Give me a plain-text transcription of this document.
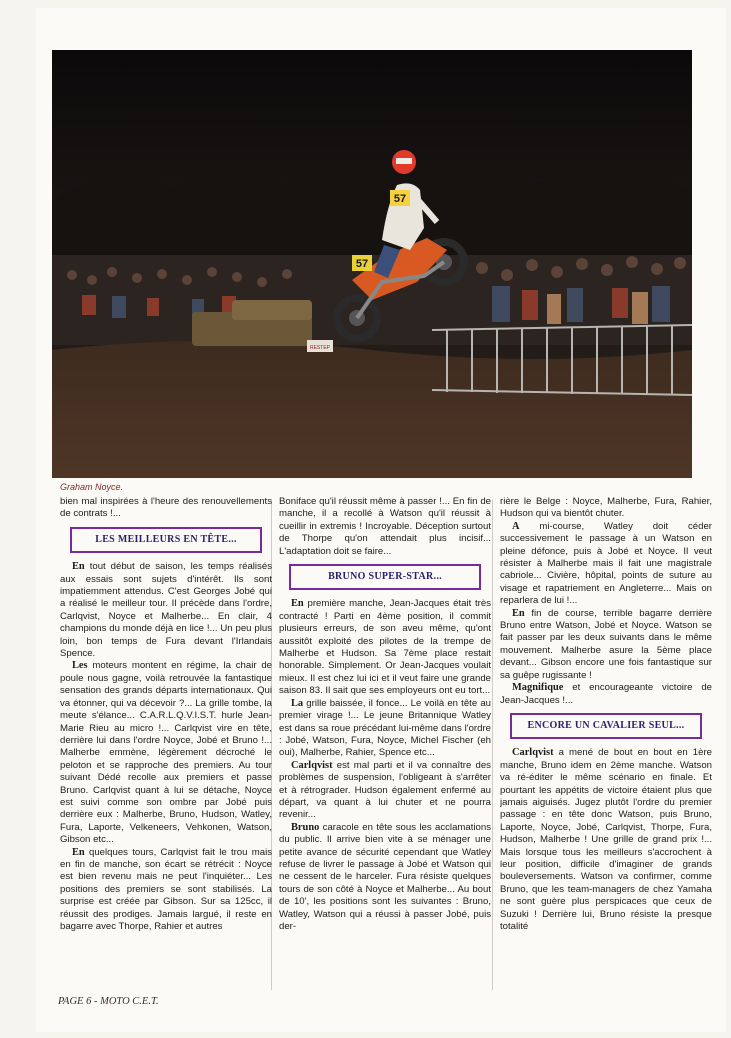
RESTEP
57
57
Graham Noyce.

bien mal inspirées à l'heure des renouvellements de contrats !...

LES MEILLEURS EN TÊTE...

En tout début de saison, les temps réalisés aux essais sont sujets d'intérêt. Ils sont impatiemment attendus. C'est Georges Jobé qui a réalisé le meilleur tour. Il précède dans l'ordre, Carlqvist, Noyce et Malherbe... En clair, 4 champions du monde déjà en lice !... Un peu plus loin, bon temps de Fura devant l'Irlandais Spence.

Les moteurs montent en régime, la chair de poule nous gagne, voilà retrouvée la fantastique sensation des grands départs internationaux. Qui va étonner, qui va décevoir ?... La grille tombe, la meute s'élance... C.A.R.L.Q.V.I.S.T. hurle Jean-Marie Rieu au micro !... Carlqvist vire en tête, derrière lui dans l'ordre Noyce, Jobé et Bruno !... Malherbe emmène, légèrement décroché le peloton et se rapproche des premiers. Au tour suivant Dédé recolle aux premiers et passe Bruno. Carlqvist quant à lui se détache, Noyce est suivi comme son ombre par Jobé puis derrière eux : Malherbe, Bruno, Hudson, Watley, Fura, Laporte, Velkeneers, Vehkonen, Watson, Gibson etc...

En quelques tours, Carlqvist fait le trou mais en fin de manche, son écart se rétrécit : Noyce est bien revenu mais ne peut l'inquiéter... Les positions des premiers se sont stabilisés. La surprise est créée par Gibson. Sur sa 125cc, il réussit des prodiges. Jamais largué, il reste en bagarre avec Thorpe, Rahier et autres

Boniface qu'il réussit même à passer !... En fin de manche, il a recollé à Watson qu'il réussit à cueillir in extremis ! Incroyable. Déception surtout de Thorpe qu'on attendait plus incisif... L'adaptation doit se faire...

BRUNO SUPER-STAR...

En première manche, Jean-Jacques était très contracté ! Parti en 4ème position, il commit plusieurs erreurs, de son aveu même, qu'ont aussitôt exploité des pilotes de la trempe de Malherbe et Hudson. Sa 7ème place restait honorable. Simplement. Or Jean-Jacques voulait mieux. Il est chez lui ici et il veut faire une grande saison 83. Il sait que ses employeurs ont eu tort...

La grille baissée, il fonce... Le voilà en tête au premier virage !... Le jeune Britannique Watley est dans sa roue précédant lui-même dans l'ordre : Jobé, Watson, Fura, Noyce, Michel Fischer (eh oui), Malherbe, Rahier, Spence etc...

Carlqvist est mal parti et il va connaître des problèmes de suspension, l'obligeant à s'arrêter et à rétrograder. Hudson également enfermé au départ, va quant à lui chuter et ne pourra revenir...

Bruno caracole en tête sous les acclamations du public. Il arrive bien vite à se ménager une petite avance de sécurité cependant que Watley refuse de livrer le passage à Jobé et Watson qui ne cessent de le harceler. Fura résiste quelques tours de son côté à Noyce et Malherbe... Au bout de 10', les positions sont les suivantes : Bruno, Watley, Watson qui a réussi à passer Jobé, puis der-

rière le Belge : Noyce, Malherbe, Fura, Rahier, Hudson qui va bientôt chuter.

A mi-course, Watley doit céder successivement le passage à un Watson en pleine défonce, puis à Jobé et Noyce. Il veut résister à Malherbe mais il fait une magistrale cabriole... Civière, hôpital, points de suture au visage et rapatriement en Angleterre... Mais on reparlera de lui !...

En fin de course, terrible bagarre derrière Bruno entre Watson, Jobé et Noyce. Watson se fait passer par les deux suivants dans le même mouvement. Malherbe asure la 5ème place devant... Gibson encore une fois fantastique sur sa guêpe rugissante !

Magnifique et encourageante victoire de Jean-Jacques !...

ENCORE UN CAVALIER SEUL...

Carlqvist a mené de bout en bout en 1ère manche, Bruno idem en 2ème manche. Watson va ré-éditer le même scénario en finale. Et pourtant les appétits de victoire étaient plus que jamais aiguisés. Jugez plutôt l'ordre du premier passage : en tête donc Watson, puis Bruno, Laporte, Noyce, Jobé, Carlqvist, Thorpe, Fura, Hudson, Malherbe ! Une grille de grand prix !... Mais lorsque tous les meilleurs s'accrochent à leur position, difficile d'imaginer de grands bouleversements. Watson va confirmer, comme Bruno, que les team-managers de chez Yamaha ne sont guère plus perspicaces que ceux de Suzuki ! Derrière lui, Bruno résiste la presque totalité

PAGE 6 - MOTO C.E.T.
